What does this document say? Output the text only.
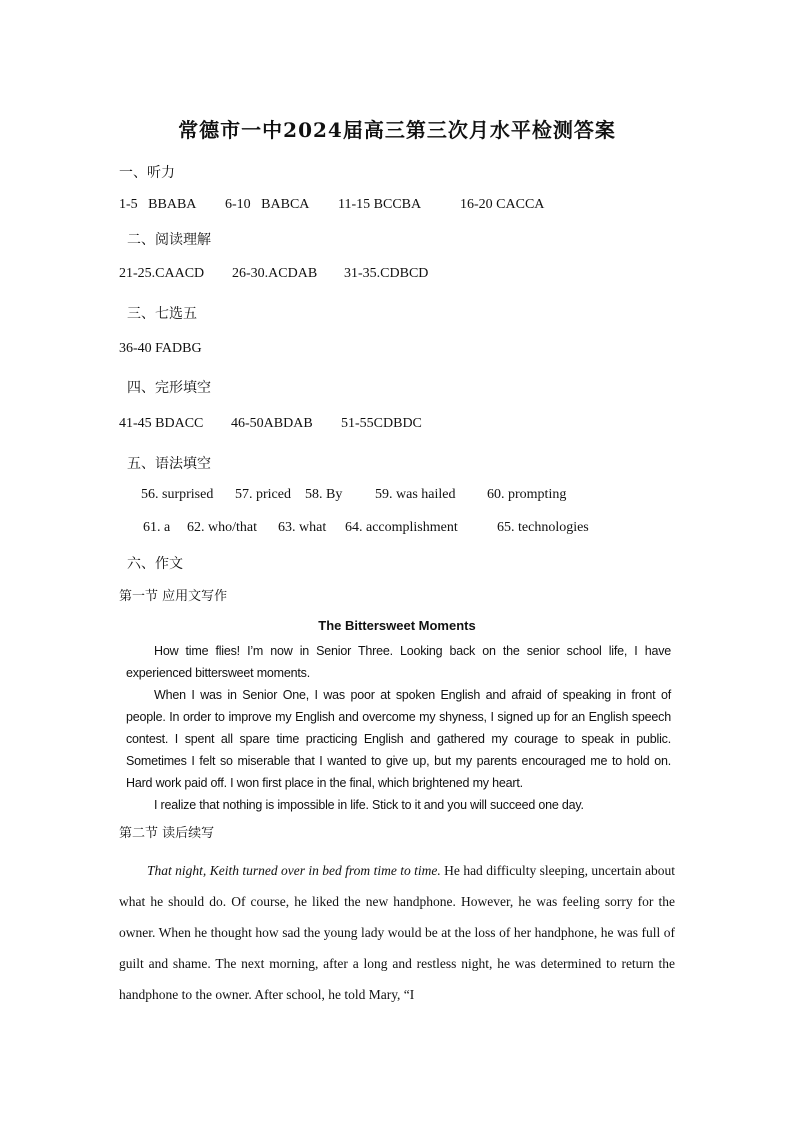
常德市一中2024届高三第三次月水平检测答案
一、听力
1-5   BBABA 6-10   BABCA 11-15 BCCBA	16-20 CACCA
二、阅读理解
21-25.CAACD 26-30.ACDAB 31-35.CDBCD
三、七选五
36-40 FADBG
四、完形填空
41-45 BDACC 46-50ABDAB 51-55CDBDC
五、语法填空
56. surprised 57. priced 58. By 59. was hailed 60. prompting
61. a 62. who/that 63. what 64. accomplishment	65. technologies
六、作文
第一节 应用文写作
The Bittersweet Moments

How time flies! I’m now in Senior Three. Looking back on the senior school life, I have experienced bittersweet moments.

When I was in Senior One, I was poor at spoken English and afraid of speaking in front of people. In order to improve my English and overcome my shyness, I signed up for an English speech contest. I spent all spare time practicing English and gathered my courage to speak in public. Sometimes I felt so miserable that I wanted to give up, but my parents encouraged me to hold on. Hard work paid off. I won first place in the final, which brightened my heart.

I realize that nothing is impossible in life. Stick to it and you will succeed one day.

第二节 读后续写

That night, Keith turned over in bed from time to time. He had difficulty sleeping, uncertain about what he should do. Of course, he liked the new handphone. However, he was feeling sorry for the owner. When he thought how sad the young lady would be at the loss of her handphone, he was full of guilt and shame. The next morning, after a long and restless night, he was determined to return the handphone to the owner. After school, he told Mary, “I
